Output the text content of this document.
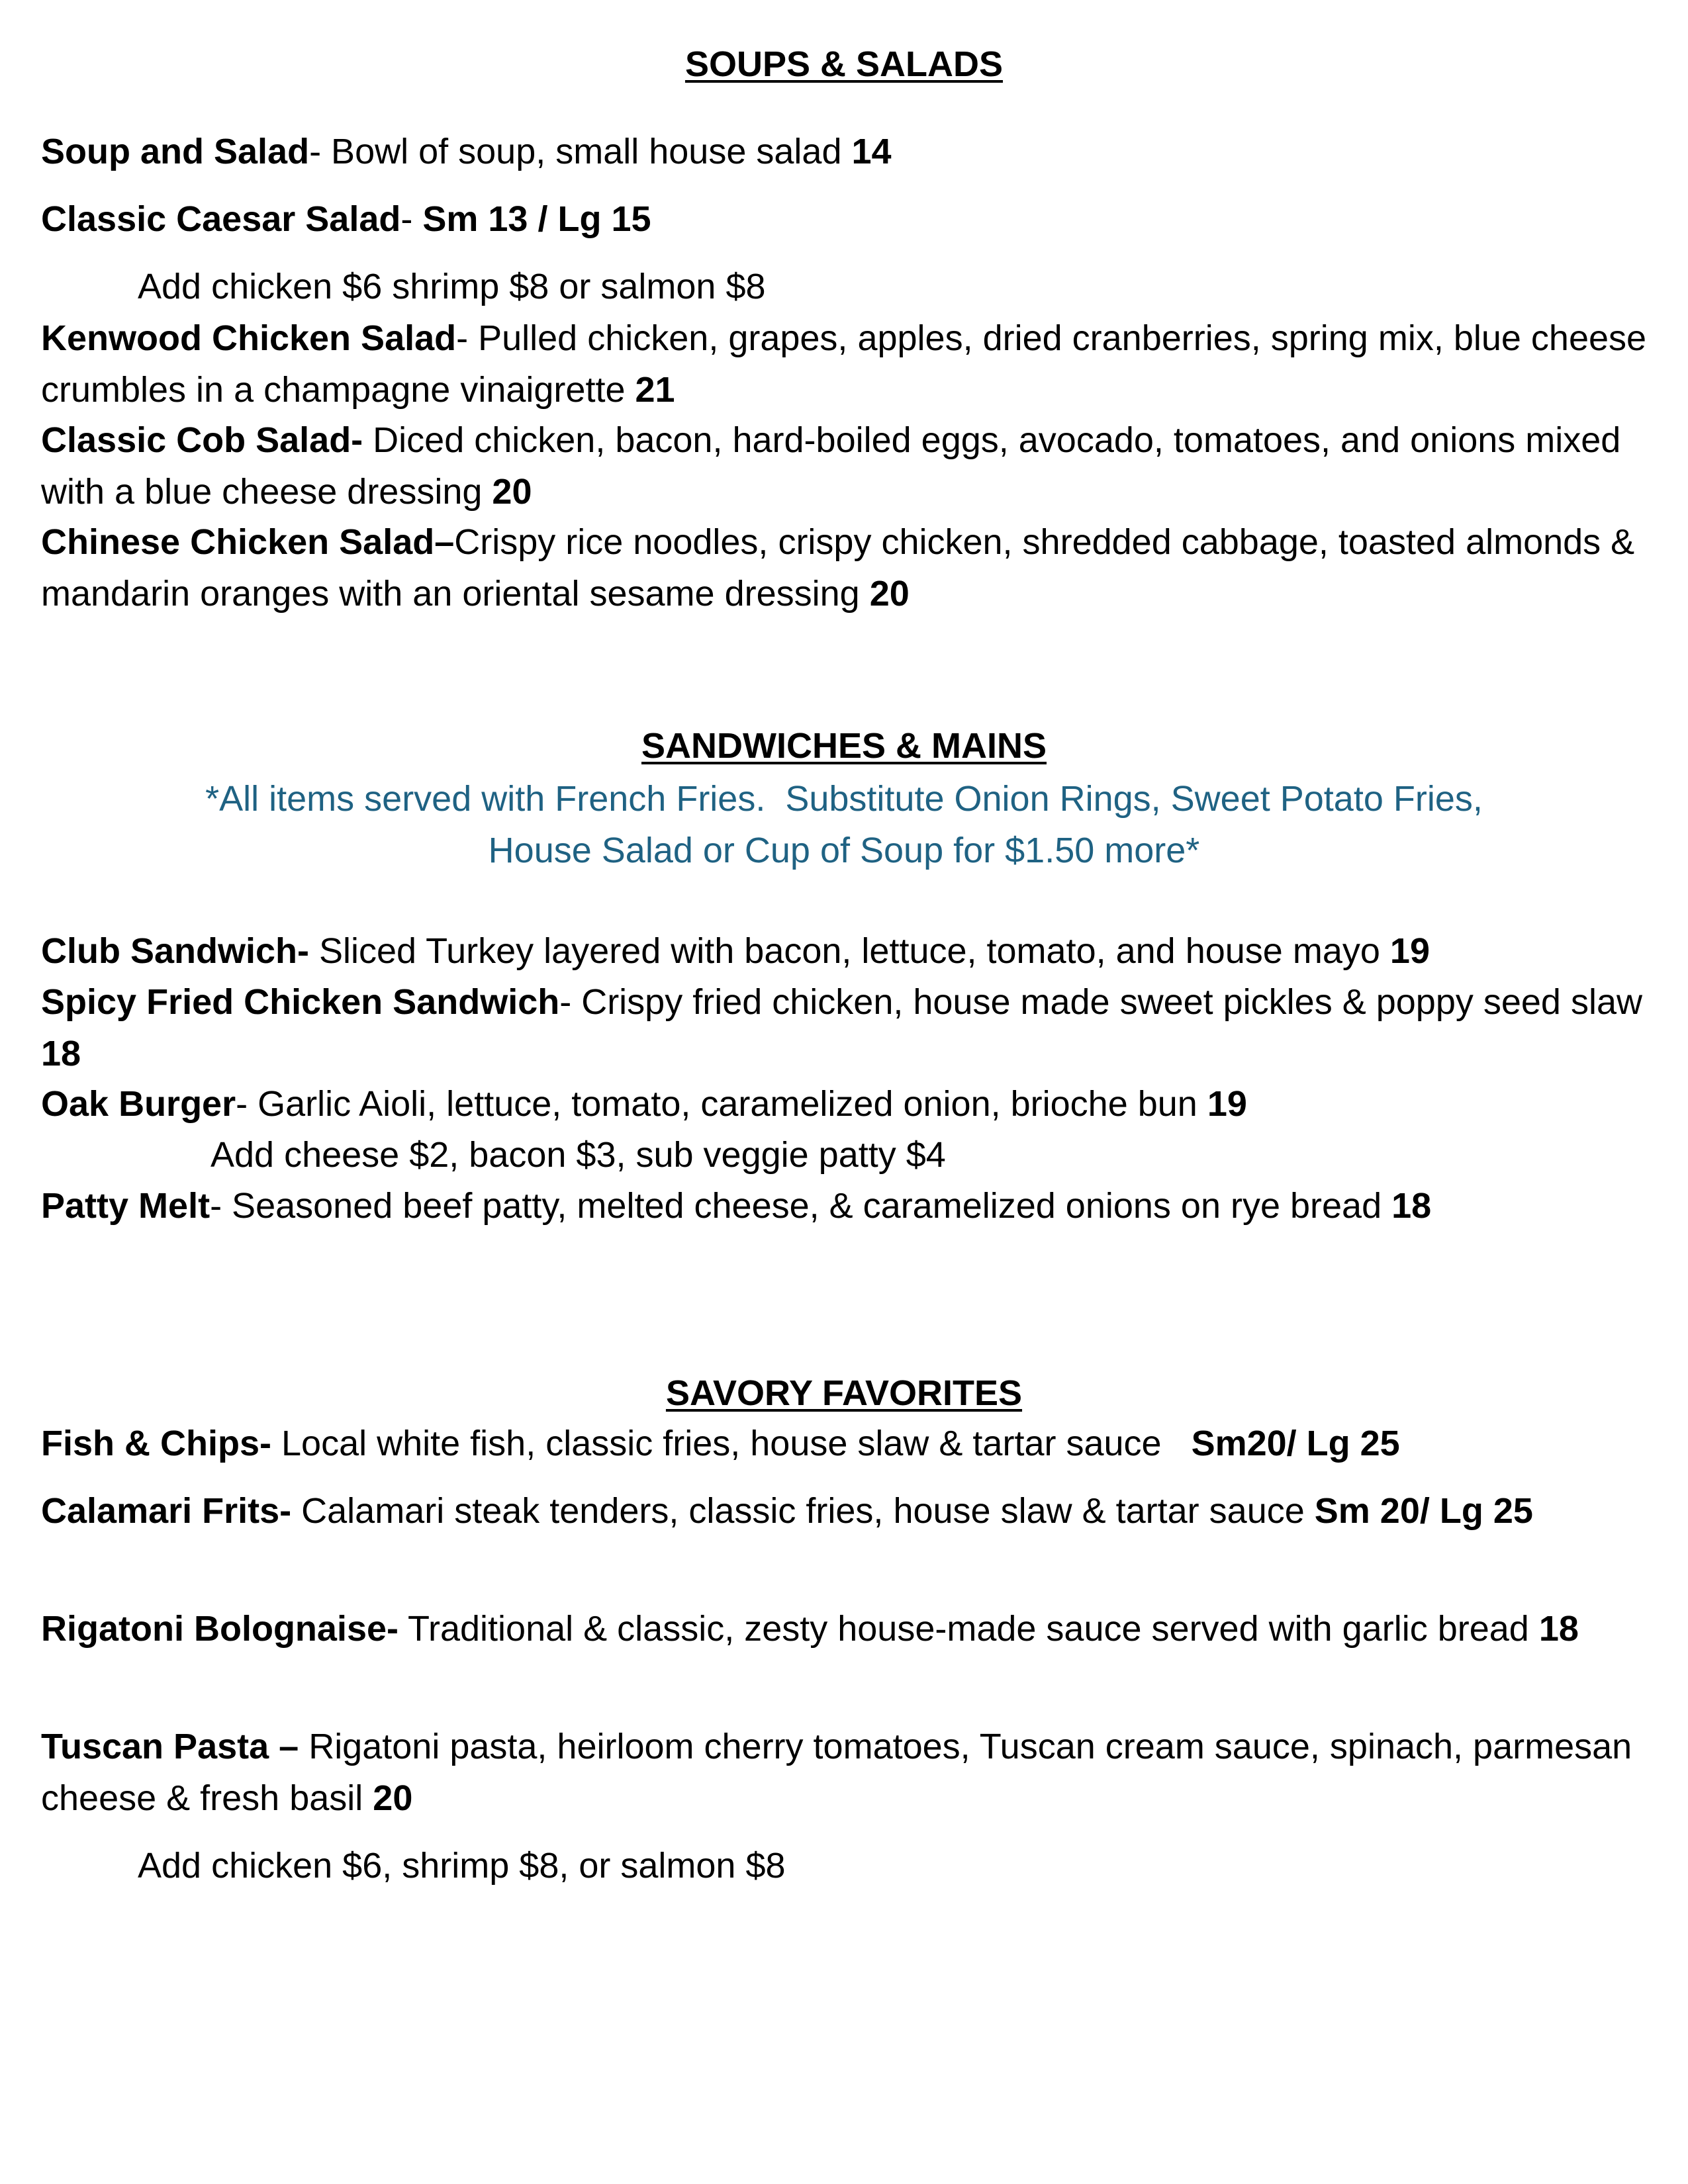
SOUPS & SALADS
Soup and Salad- Bowl of soup, small house salad 14
Classic Caesar Salad- Sm 13 / Lg 15
Add chicken $6 shrimp $8 or salmon $8
Kenwood Chicken Salad- Pulled chicken, grapes, apples, dried cranberries, spring mix, blue cheese crumbles in a champagne vinaigrette 21
Classic Cob Salad- Diced chicken, bacon, hard-boiled eggs, avocado, tomatoes, and onions mixed with a blue cheese dressing 20
Chinese Chicken Salad–Crispy rice noodles, crispy chicken, shredded cabbage, toasted almonds & mandarin oranges with an oriental sesame dressing 20
SANDWICHES & MAINS
*All items served with French Fries.  Substitute Onion Rings, Sweet Potato Fries,
House Salad or Cup of Soup for $1.50 more*
Club Sandwich- Sliced Turkey layered with bacon, lettuce, tomato, and house mayo 19
Spicy Fried Chicken Sandwich- Crispy fried chicken, house made sweet pickles & poppy seed slaw 18
Oak Burger- Garlic Aioli, lettuce, tomato, caramelized onion, brioche bun 19
Add cheese $2, bacon $3, sub veggie patty $4
Patty Melt- Seasoned beef patty, melted cheese, & caramelized onions on rye bread 18
SAVORY FAVORITES
Fish & Chips- Local white fish, classic fries, house slaw & tartar sauce   Sm20/ Lg 25
Calamari Frits- Calamari steak tenders, classic fries, house slaw & tartar sauce Sm 20/ Lg 25
Rigatoni Bolognaise- Traditional & classic, zesty house-made sauce served with garlic bread 18
Tuscan Pasta – Rigatoni pasta, heirloom cherry tomatoes, Tuscan cream sauce, spinach, parmesan cheese & fresh basil 20
Add chicken $6, shrimp $8, or salmon $8
